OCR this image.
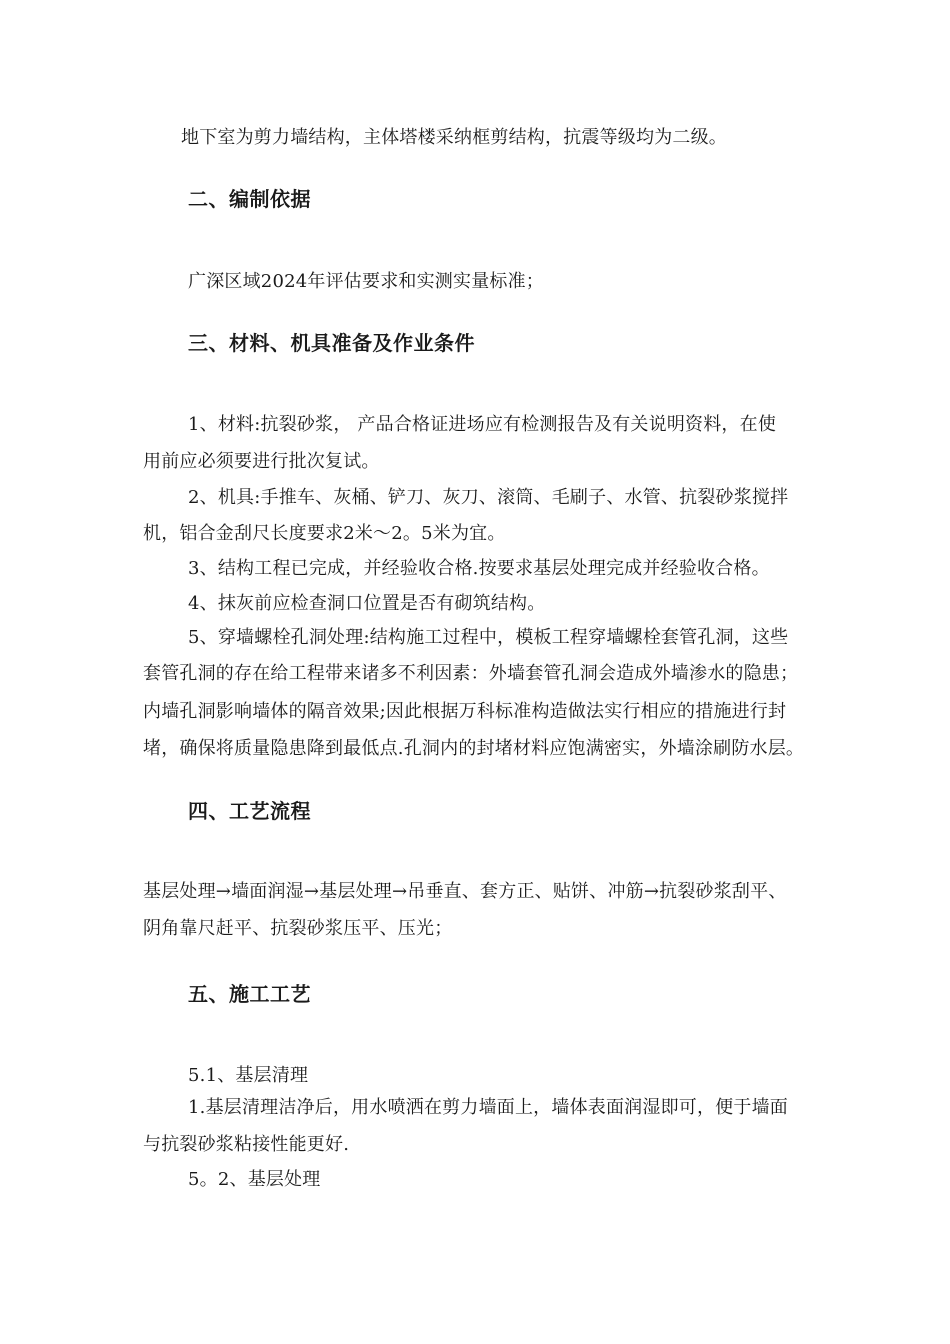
地下室为剪力墙结构，主体塔楼采纳框剪结构，抗震等级均为二级。
二、编制依据
广深区域2024年评估要求和实测实量标准；
三、材料、机具准备及作业条件
1、材料:抗裂砂浆， 产品合格证进场应有检测报告及有关说明资料，在使
用前应必须要进行批次复试。
2、机具:手推车、灰桶、铲刀、灰刀、滚筒、毛刷子、水管、抗裂砂浆搅拌
机，铝合金刮尺长度要求2米～2。5米为宜。
3、结构工程已完成，并经验收合格.按要求基层处理完成并经验收合格。
4、抹灰前应检查洞口位置是否有砌筑结构。
5、穿墙螺栓孔洞处理:结构施工过程中，模板工程穿墙螺栓套管孔洞，这些
套管孔洞的存在给工程带来诸多不利因素：外墙套管孔洞会造成外墙渗水的隐患；
内墙孔洞影响墙体的隔音效果;因此根据万科标准构造做法实行相应的措施进行封
堵，确保将质量隐患降到最低点.孔洞内的封堵材料应饱满密实，外墙涂刷防水层。
四、工艺流程
基层处理→墙面润湿→基层处理→吊垂直、套方正、贴饼、冲筋→抗裂砂浆刮平、
阴角靠尺赶平、抗裂砂浆压平、压光；
五、施工工艺
5.1、基层清理
1.基层清理洁净后，用水喷洒在剪力墙面上，墙体表面润湿即可，便于墙面
与抗裂砂浆粘接性能更好.
5。2、基层处理
